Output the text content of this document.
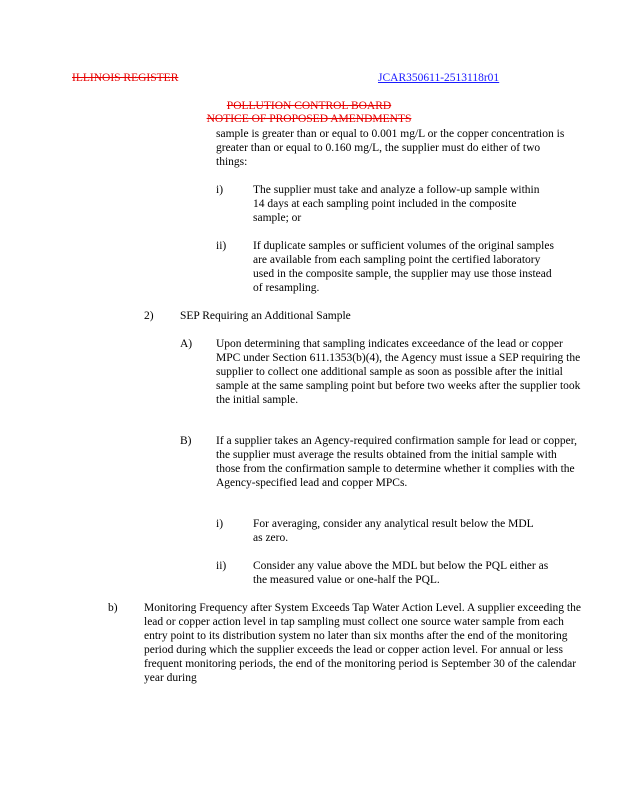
ILLINOIS REGISTER	JCAR350611-2513118r01
POLLUTION CONTROL BOARD
NOTICE OF PROPOSED AMENDMENTS
sample is greater than or equal to 0.001 mg/L or the copper concentration is greater than or equal to 0.160 mg/L, the supplier must do either of two things:
i)	The supplier must take and analyze a follow-up sample within 14 days at each sampling point included in the composite sample; or
ii) If duplicate samples or sufficient volumes of the original samples are available from each sampling point the certified laboratory used in the composite sample, the supplier may use those instead of resampling.
2) SEP Requiring an Additional Sample
A) Upon determining that sampling indicates exceedance of the lead or copper MPC under Section 611.1353(b)(4), the Agency must issue a SEP requiring the supplier to collect one additional sample as soon as possible after the initial sample at the same sampling point but before two weeks after the supplier took the initial sample.
B) If a supplier takes an Agency-required confirmation sample for lead or copper, the supplier must average the results obtained from the initial sample with those from the confirmation sample to determine whether it complies with the Agency-specified lead and copper MPCs.
i)	For averaging, consider any analytical result below the MDL as zero.
ii) Consider any value above the MDL but below the PQL either as the measured value or one-half the PQL.
b) Monitoring Frequency after System Exceeds Tap Water Action Level. A supplier exceeding the lead or copper action level in tap sampling must collect one source water sample from each entry point to its distribution system no later than six months after the end of the monitoring period during which the supplier exceeds the lead or copper action level. For annual or less frequent monitoring periods, the end of the monitoring period is September 30 of the calendar year during
